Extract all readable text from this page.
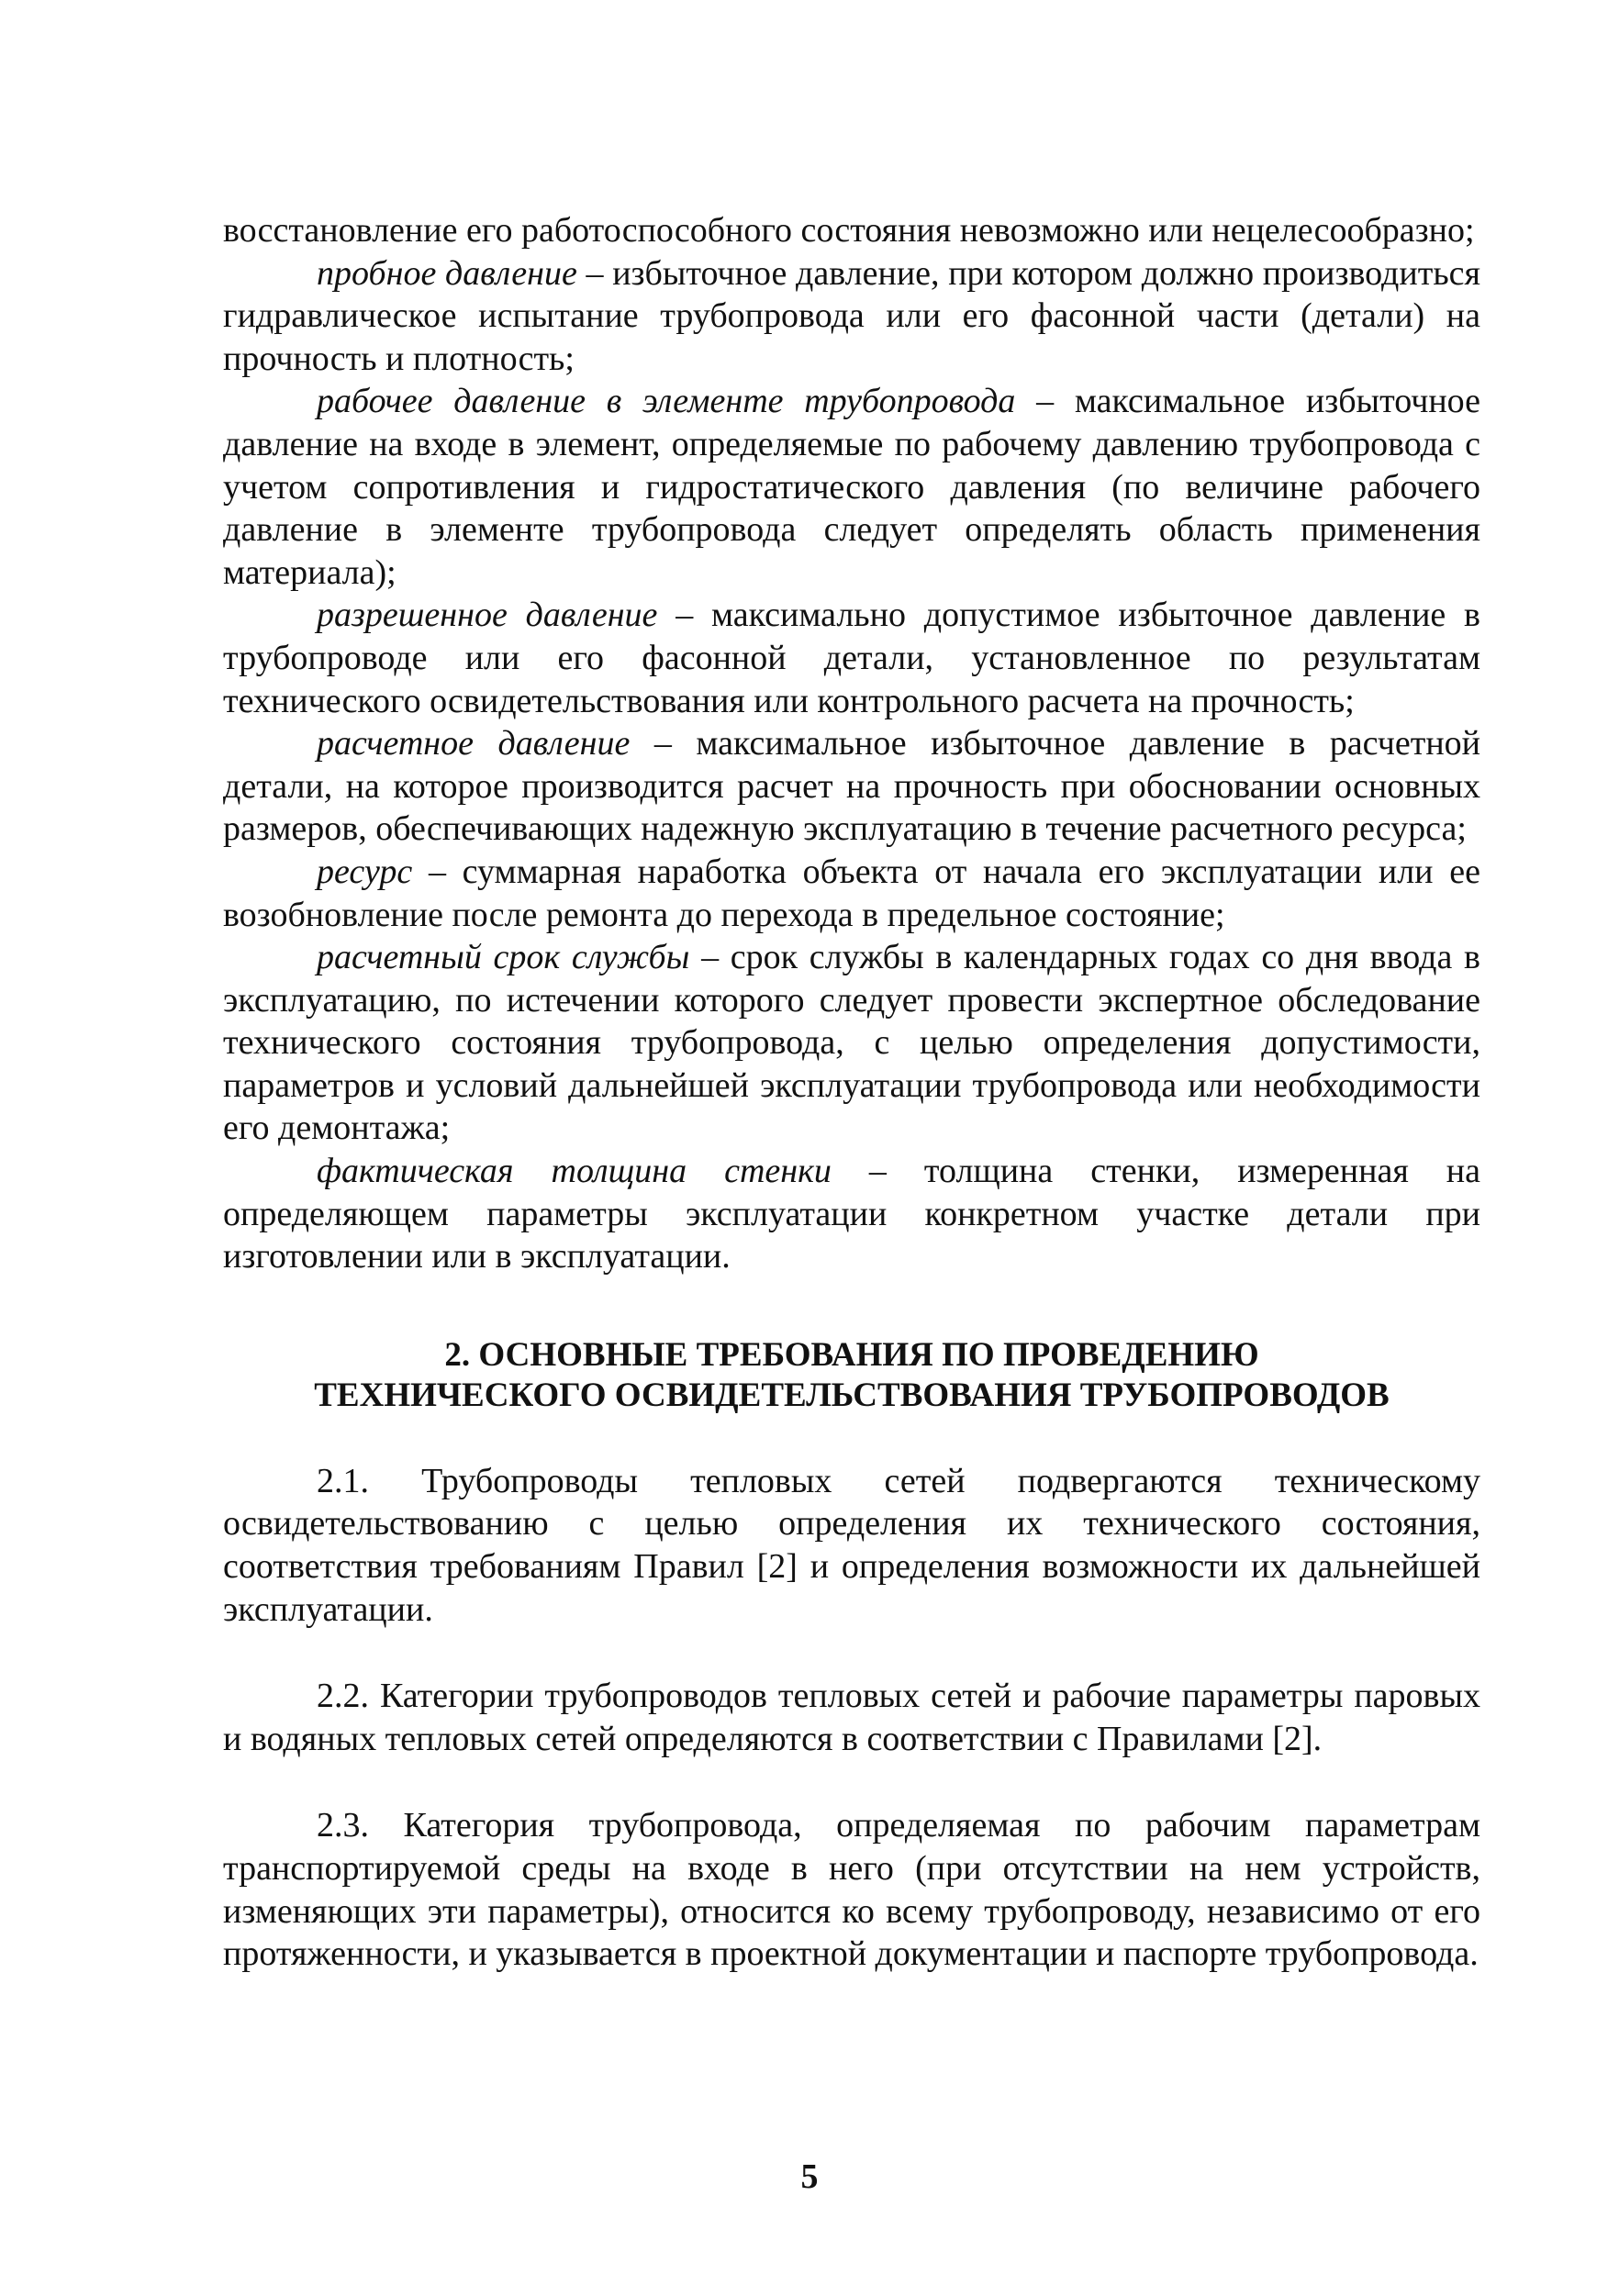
восстановление его работоспособного состояния невозможно или нецелесообразно;

пробное давление – избыточное давление, при котором должно производиться гидравлическое испытание трубопровода или его фасонной части (детали) на прочность и плотность;

рабочее давление в элементе трубопровода – максимальное избыточное давление на входе в элемент, определяемые по рабочему давлению трубопровода с учетом сопротивления и гидростатического давления (по величине рабочего давление в элементе трубопровода следует определять область применения материала);

разрешенное давление – максимально допустимое избыточное давление в трубопроводе или его фасонной детали, установленное по результатам технического освидетельствования или контрольного расчета на прочность;

расчетное давление – максимальное избыточное давление в расчетной детали, на которое производится расчет на прочность при обосновании основных размеров, обеспечивающих надежную эксплуатацию в течение расчетного ресурса;

ресурс – суммарная наработка объекта от начала его эксплуатации или ее возобновление после ремонта до перехода в предельное состояние;

расчетный срок службы – срок службы в календарных годах со дня ввода в эксплуатацию, по истечении которого следует провести экспертное обследование технического состояния трубопровода, с целью определения допустимости, параметров и условий дальнейшей эксплуатации трубопровода или необходимости его демонтажа;

фактическая толщина стенки – толщина стенки, измеренная на определяющем параметры эксплуатации конкретном участке детали при изготовлении или в эксплуатации.

2. ОСНОВНЫЕ ТРЕБОВАНИЯ ПО ПРОВЕДЕНИЮ
ТЕХНИЧЕСКОГО ОСВИДЕТЕЛЬСТВОВАНИЯ ТРУБОПРОВОДОВ

2.1. Трубопроводы тепловых сетей подвергаются техническому освидетельствованию с целью определения их технического состояния, соответствия требованиям Правил [2] и определения возможности их дальнейшей эксплуатации.

2.2. Категории трубопроводов тепловых сетей и рабочие параметры паровых и водяных тепловых сетей определяются в соответствии с Правилами [2].

2.3. Категория трубопровода, определяемая по рабочим параметрам транспортируемой среды на входе в него (при отсутствии на нем устройств, изменяющих эти параметры), относится ко всему трубопроводу, независимо от его протяженности, и указывается в проектной документации и паспорте трубопровода.

5
